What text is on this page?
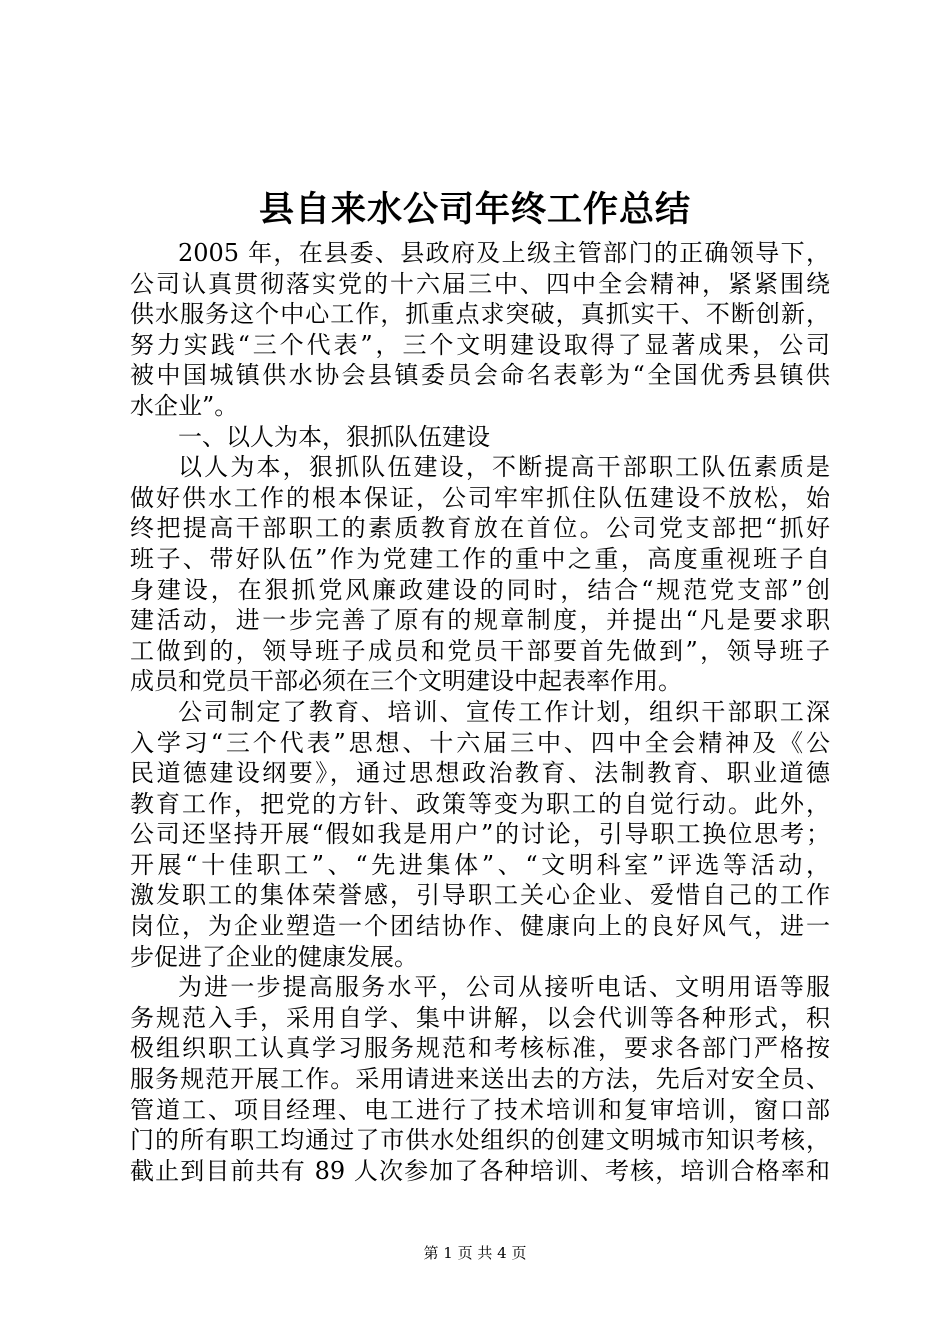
县自来水公司年终工作总结
2005 年，在县委、县政府及上级主管部门的正确领导下，
公司认真贯彻落实党的十六届三中、四中全会精神，紧紧围绕
供水服务这个中心工作，抓重点求突破，真抓实干、不断创新，
努力实践“三个代表”，三个文明建设取得了显著成果，公司
被中国城镇供水协会县镇委员会命名表彰为“全国优秀县镇供
水企业”。
一、以人为本，狠抓队伍建设
以人为本，狠抓队伍建设，不断提高干部职工队伍素质是
做好供水工作的根本保证，公司牢牢抓住队伍建设不放松，始
终把提高干部职工的素质教育放在首位。公司党支部把“抓好
班子、带好队伍”作为党建工作的重中之重，高度重视班子自
身建设，在狠抓党风廉政建设的同时，结合“规范党支部”创
建活动，进一步完善了原有的规章制度，并提出“凡是要求职
工做到的，领导班子成员和党员干部要首先做到”，领导班子
成员和党员干部必须在三个文明建设中起表率作用。
公司制定了教育、培训、宣传工作计划，组织干部职工深
入学习“三个代表”思想、十六届三中、四中全会精神及《公
民道德建设纲要》，通过思想政治教育、法制教育、职业道德
教育工作，把党的方针、政策等变为职工的自觉行动。此外，
公司还坚持开展“假如我是用户”的讨论，引导职工换位思考；
开展“十佳职工”、“先进集体”、“文明科室”评选等活动，
激发职工的集体荣誉感，引导职工关心企业、爱惜自己的工作
岗位，为企业塑造一个团结协作、健康向上的良好风气，进一
步促进了企业的健康发展。
为进一步提高服务水平，公司从接听电话、文明用语等服
务规范入手，采用自学、集中讲解，以会代训等各种形式，积
极组织职工认真学习服务规范和考核标准，要求各部门严格按
服务规范开展工作。采用请进来送出去的方法，先后对安全员、
管道工、项目经理、电工进行了技术培训和复审培训，窗口部
门的所有职工均通过了市供水处组织的创建文明城市知识考核，
截止到目前共有 89 人次参加了各种培训、考核，培训合格率和
第 1 页 共 4 页
